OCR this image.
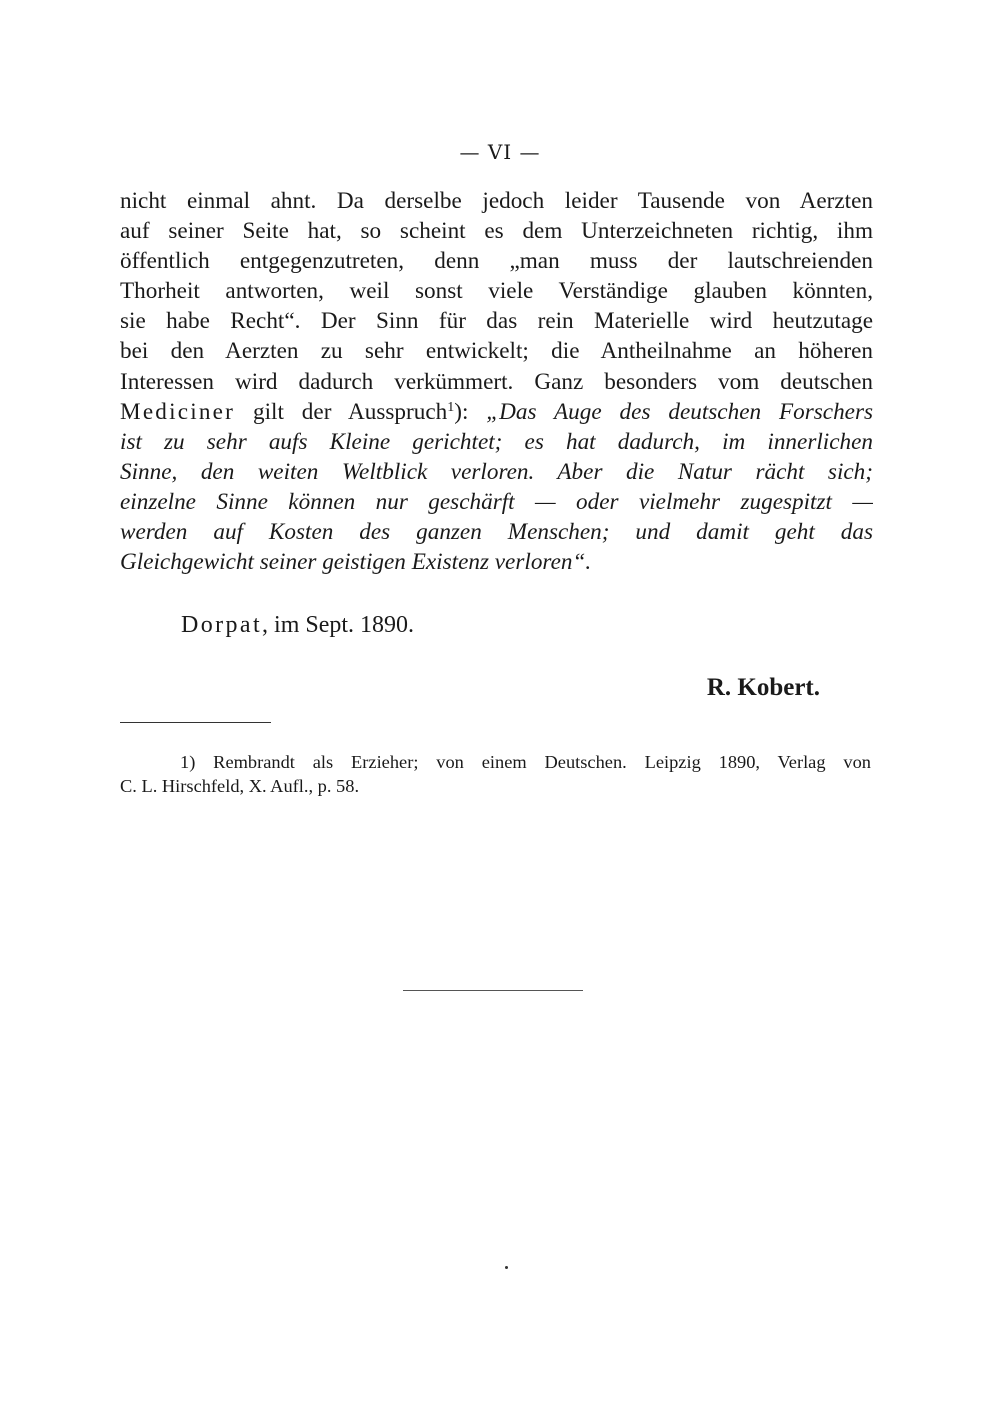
— VI —
nicht einmal ahnt. Da derselbe jedoch leider Tausende von Aerzten
auf seiner Seite hat, so scheint es dem Unterzeichneten richtig, ihm
öffentlich entgegenzutreten, denn „man muss der lautschreienden
Thorheit antworten, weil sonst viele Verständige glauben könnten,
sie habe Recht“. Der Sinn für das rein Materielle wird heutzutage
bei den Aerzten zu sehr entwickelt; die Antheilnahme an höheren
Interessen wird dadurch verkümmert. Ganz besonders vom deutschen
Mediciner gilt der Ausspruch$^1$): „Das Auge des deutschen Forschers
ist zu sehr aufs Kleine gerichtet; es hat dadurch, im innerlichen
Sinne, den weiten Weltblick verloren. Aber die Natur rächt sich;
einzelne Sinne können nur geschärft — oder vielmehr zugespitzt —
werden auf Kosten des ganzen Menschen; und damit geht das
Gleichgewicht seiner geistigen Existenz verloren“.
Dorpat, im Sept. 1890.
R. Kobert.
1) Rembrandt als Erzieher; von einem Deutschen. Leipzig 1890, Verlag von
C. L. Hirschfeld, X. Aufl., p. 58.
